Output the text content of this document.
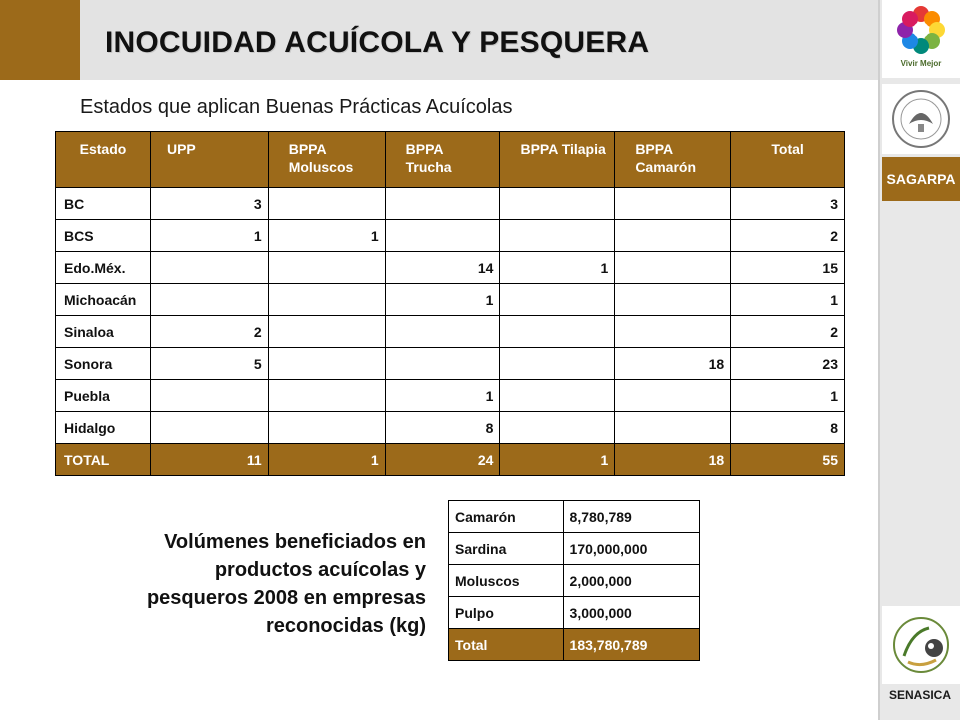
INOCUIDAD ACUÍCOLA Y PESQUERA
Estados que aplican Buenas Prácticas Acuícolas
Vivir Mejor
SAGARPA
SENASICA
Estado	UPP	BPPA Moluscos	BPPA Trucha	BPPA Tilapia	BPPA Camarón	Total
BC	3					3
BCS	1	1				2
Edo.Méx.			14	1		15
Michoacán			1			1
Sinaloa	2					2
Sonora	5				18	23
Puebla			1			1
Hidalgo			8			8
TOTAL	11	1	24	1	18	55
Volúmenes beneficiados en productos acuícolas y pesqueros 2008 en empresas reconocidas (kg)
Camarón	8,780,789
Sardina	170,000,000
Moluscos	2,000,000
Pulpo	3,000,000
Total	183,780,789
